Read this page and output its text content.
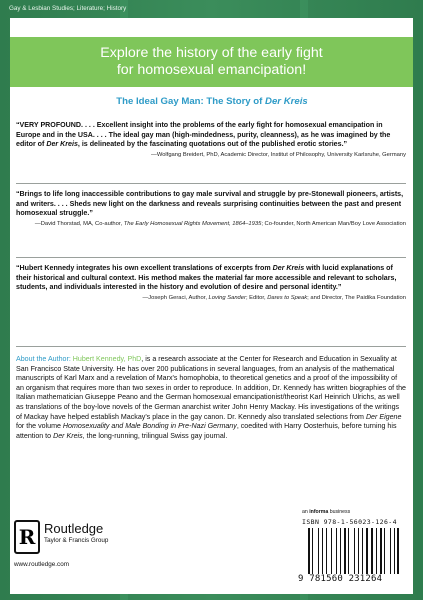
Gay & Lesbian Studies; Literature; History
Explore the history of the early fight
for homosexual emancipation!
The Ideal Gay Man: The Story of Der Kreis
“VERY PROFOUND. . . . Excellent insight into the problems of the early fight for homosexual emancipation in Europe and in the USA. . . . The ideal gay man (high-mindedness, purity, cleanness), as he was imagined by the editor of Der Kreis, is delineated by the fascinating quotations out of the published erotic stories.”
—Wolfgang Breidert, PhD, Academic Director, Institut of Philosophy, University Karlsruhe, Germany
“Brings to life long inaccessible contributions to gay male survival and struggle by pre-Stonewall pioneers, artists, and writers. . . . Sheds new light on the darkness and reveals surprising continuities between the past and present homosexual struggle.”
—David Thorstad, MA, Co-author, The Early Homosexual Rights Movement, 1864–1935; Co-founder, North American Man/Boy Love Association
“Hubert Kennedy integrates his own excellent translations of excerpts from Der Kreis with lucid explanations of their historical and cultural context. His method makes the material far more accessible and relevant to scholars, students, and individuals interested in the history and evolution of desire and personal identity.”
—Joseph Geraci, Author, Loving Sander; Editor, Dares to Speak; and Director, The Paidika Foundation
About the Author: Hubert Kennedy, PhD, is a research associate at the Center for Research and Education in Sexuality at San Francisco State University. He has over 200 publications in several languages, from an analysis of the mathematical manuscripts of Karl Marx and a revelation of Marx's homophobia, to theoretical genetics and a proof of the impossibility of an organism that requires more than two sexes in order to reproduce. In addition, Dr. Kennedy has written biographies of the Italian mathematician Giuseppe Peano and the German homosexual emancipationist/theorist Karl Heinrich Ulrichs, as well as translations of the boy-love novels of the German anarchist writer John Henry Mackay. His investigations of the writings of Mackay have helped establish Mackay's place in the gay canon. Dr. Kennedy also translated selections from Der Eigene for the volume Homosexuality and Male Bonding in Pre-Nazi Germany, coedited with Harry Oosterhuis, before turning his attention to Der Kreis, the long-running, trilingual Swiss gay journal.
R Routledge
Taylor & Francis Group
www.routledge.com
an informa business
ISBN 978-1-56023-126-4
9 781560 231264
